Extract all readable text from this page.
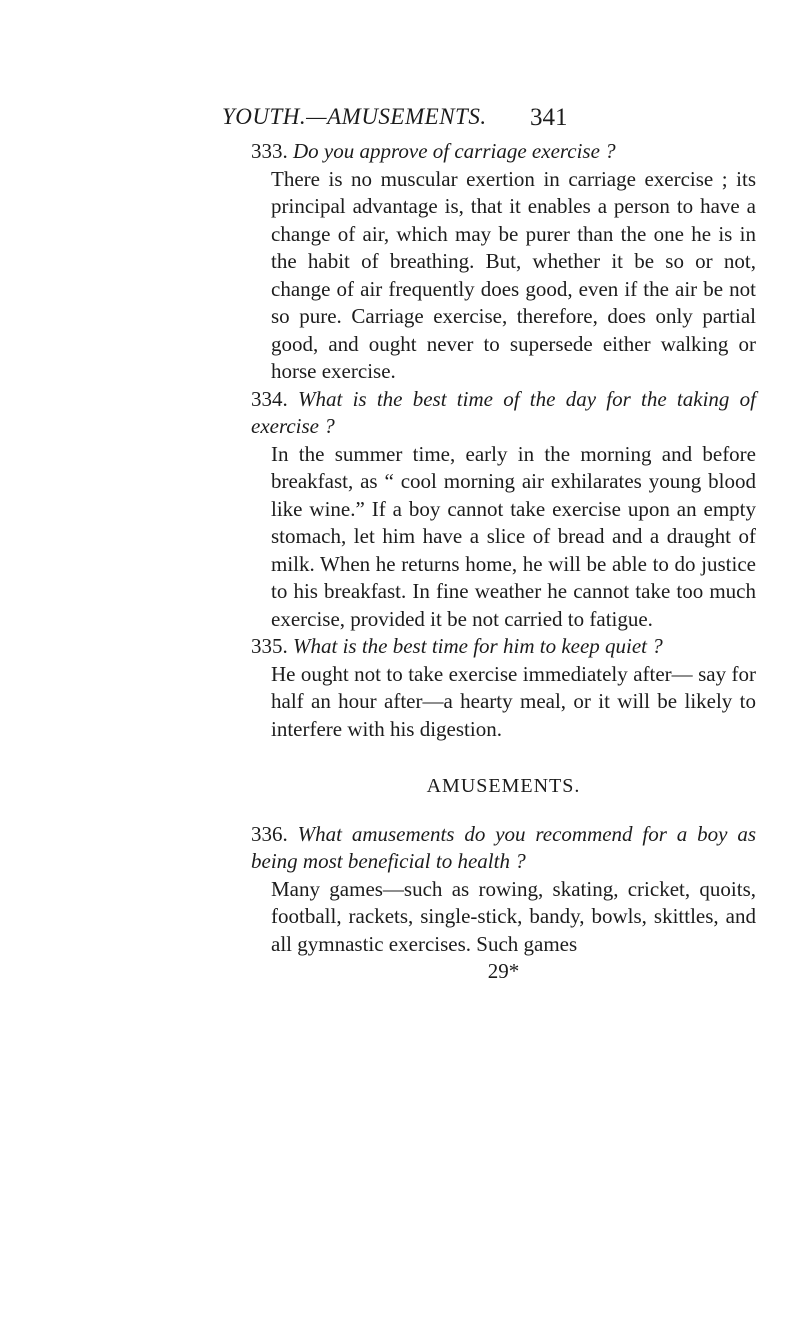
YOUTH.—AMUSEMENTS. 341

333. Do you approve of carriage exercise ?

There is no muscular exertion in carriage exercise ; its principal advantage is, that it enables a person to have a change of air, which may be purer than the one he is in the habit of breathing. But, whether it be so or not, change of air frequently does good, even if the air be not so pure. Carriage exercise, therefore, does only partial good, and ought never to supersede either walking or horse exercise.

334. What is the best time of the day for the taking of exercise ?

In the summer time, early in the morning and before breakfast, as “ cool morning air exhilarates young blood like wine.” If a boy cannot take exercise upon an empty stomach, let him have a slice of bread and a draught of milk. When he returns home, he will be able to do justice to his breakfast. In fine weather he cannot take too much exercise, provided it be not carried to fatigue.

335. What is the best time for him to keep quiet ?

He ought not to take exercise immediately after— say for half an hour after—a hearty meal, or it will be likely to interfere with his digestion.

AMUSEMENTS.

336. What amusements do you recommend for a boy as being most beneficial to health ?

Many games—such as rowing, skating, cricket, quoits, football, rackets, single-stick, bandy, bowls, skittles, and all gymnastic exercises. Such games

29*
